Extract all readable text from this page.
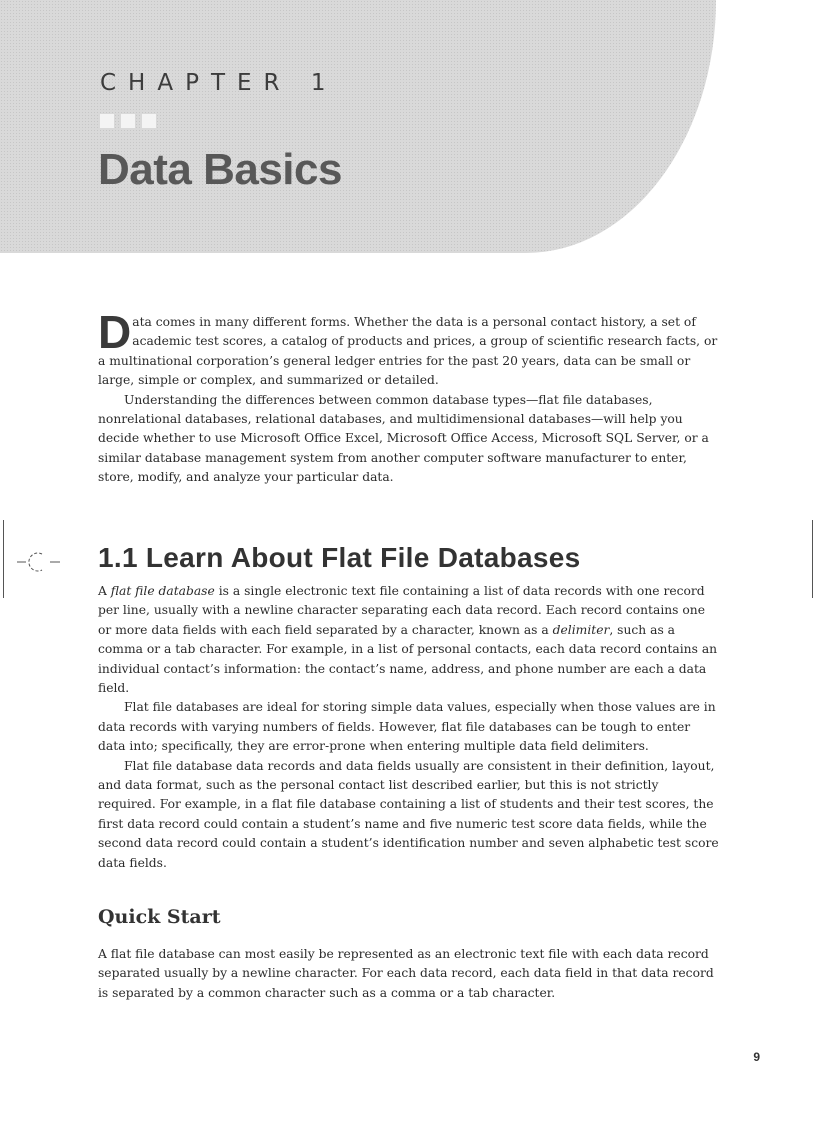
CHAPTER 1
Data Basics

Data comes in many different forms. Whether the data is a personal contact history, a set of academic test scores, a catalog of products and prices, a group of scientific research facts, or a multinational corporation’s general ledger entries for the past 20 years, data can be small or large, simple or complex, and summarized or detailed.

Understanding the differences between common database types—flat file databases, nonrelational databases, relational databases, and multidimensional databases—will help you decide whether to use Microsoft Office Excel, Microsoft Office Access, Microsoft SQL Server, or a similar database management system from another computer software manufacturer to enter, store, modify, and analyze your particular data.

1.1 Learn About Flat File Databases

A flat file database is a single electronic text file containing a list of data records with one record per line, usually with a newline character separating each data record. Each record contains one or more data fields with each field separated by a character, known as a delimiter, such as a comma or a tab character. For example, in a list of personal contacts, each data record contains an individual contact’s information: the contact’s name, address, and phone number are each a data field.

Flat file databases are ideal for storing simple data values, especially when those values are in data records with varying numbers of fields. However, flat file databases can be tough to enter data into; specifically, they are error-prone when entering multiple data field delimiters.

Flat file database data records and data fields usually are consistent in their definition, layout, and data format, such as the personal contact list described earlier, but this is not strictly required. For example, in a flat file database containing a list of students and their test scores, the first data record could contain a student’s name and five numeric test score data fields, while the second data record could contain a student’s identification number and seven alphabetic test score data fields.

Quick Start

A flat file database can most easily be represented as an electronic text file with each data record separated usually by a newline character. For each data record, each data field in that data record is separated by a common character such as a comma or a tab character.

9
